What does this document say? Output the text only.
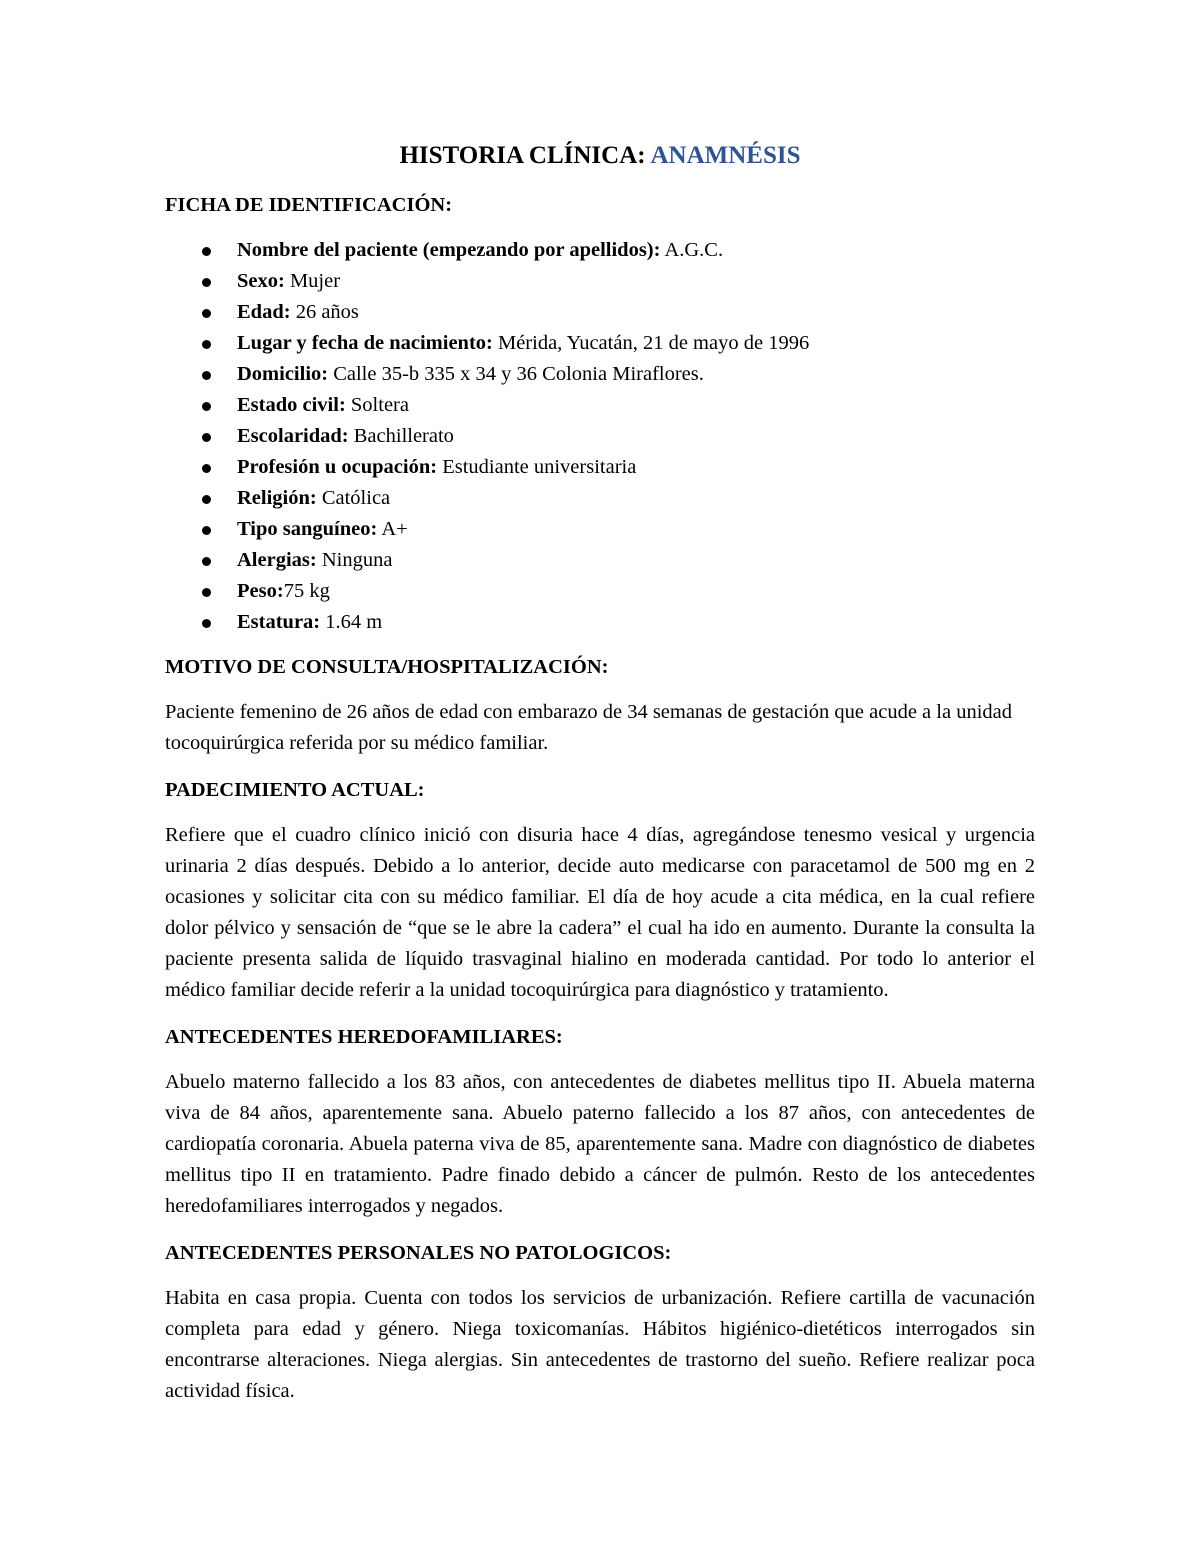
HISTORIA CLÍNICA: ANAMNÉSIS
FICHA DE IDENTIFICACIÓN:
Nombre del paciente (empezando por apellidos): A.G.C.
Sexo: Mujer
Edad: 26 años
Lugar y fecha de nacimiento: Mérida, Yucatán, 21 de mayo de 1996
Domicilio: Calle 35-b 335 x 34 y 36 Colonia Miraflores.
Estado civil: Soltera
Escolaridad: Bachillerato
Profesión u ocupación: Estudiante universitaria
Religión: Católica
Tipo sanguíneo: A+
Alergias: Ninguna
Peso:75 kg
Estatura: 1.64 m
MOTIVO DE CONSULTA/HOSPITALIZACIÓN:
Paciente femenino de 26 años de edad con embarazo de 34 semanas de gestación que acude a la unidad tocoquirúrgica referida por su médico familiar.
PADECIMIENTO ACTUAL:
Refiere que el cuadro clínico inició con disuria hace 4 días, agregándose tenesmo vesical y urgencia urinaria 2 días después. Debido a lo anterior, decide auto medicarse con paracetamol de 500 mg en 2 ocasiones y solicitar cita con su médico familiar. El día de hoy acude a cita médica, en la cual refiere dolor pélvico y sensación de “que se le abre la cadera” el cual ha ido en aumento. Durante la consulta la paciente presenta salida de líquido trasvaginal hialino en moderada cantidad. Por todo lo anterior el médico familiar decide referir a la unidad tocoquirúrgica para diagnóstico y tratamiento.
ANTECEDENTES HEREDOFAMILIARES:
Abuelo materno fallecido a los 83 años, con antecedentes de diabetes mellitus tipo II. Abuela materna viva de 84 años, aparentemente sana. Abuelo paterno fallecido a los 87 años, con antecedentes de cardiopatía coronaria. Abuela paterna viva de 85, aparentemente sana. Madre con diagnóstico de diabetes mellitus tipo II en tratamiento. Padre finado debido a cáncer de pulmón. Resto de los antecedentes heredofamiliares interrogados y negados.
ANTECEDENTES PERSONALES NO PATOLOGICOS:
Habita en casa propia. Cuenta con todos los servicios de urbanización. Refiere cartilla de vacunación completa para edad y género. Niega toxicomanías. Hábitos higiénico-dietéticos interrogados sin encontrarse alteraciones. Niega alergias. Sin antecedentes de trastorno del sueño. Refiere realizar poca actividad física.
